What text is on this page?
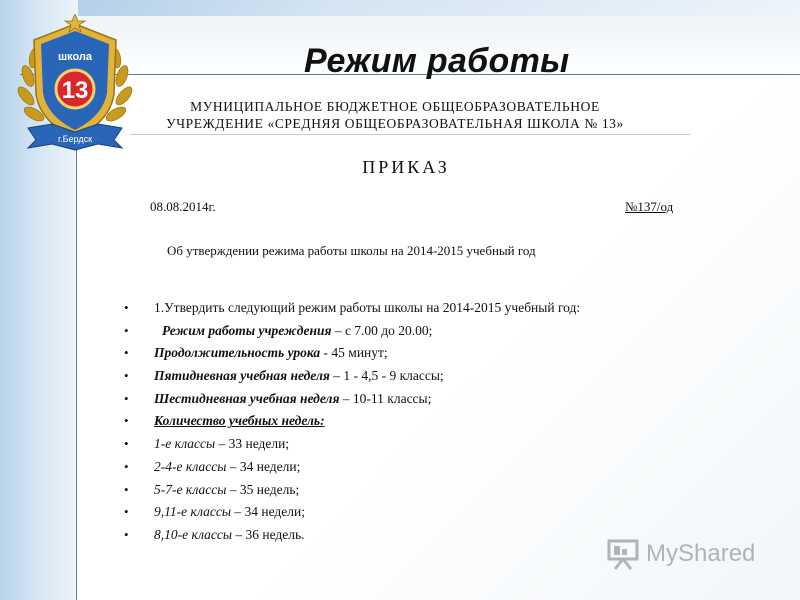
13
школа
г.Бердск
Режим работы
МУНИЦИПАЛЬНОЕ БЮДЖЕТНОЕ ОБЩЕОБРАЗОВАТЕЛЬНОЕ
УЧРЕЖДЕНИЕ «СРЕДНЯЯ ОБЩЕОБРАЗОВАТЕЛЬНАЯ ШКОЛА № 13»
ПРИКАЗ
08.08.2014г.	№137/од
Об утверждении режима работы школы на 2014-2015 учебный год
• 1.Утвердить следующий режим работы школы на 2014-2015 учебный год:
• Режим работы учреждения – с 7.00 до 20.00;
• Продолжительность урока - 45 минут;
• Пятидневная учебная неделя – 1 - 4,5 - 9 классы;
• Шестидневная учебная неделя – 10-11 классы;
• Количество учебных недель:
• 1-е классы – 33 недели;
• 2-4-е классы – 34 недели;
• 5-7-е классы – 35 недель;
• 9,11-е классы – 34 недели;
• 8,10-е классы – 36 недель.
MyShared
